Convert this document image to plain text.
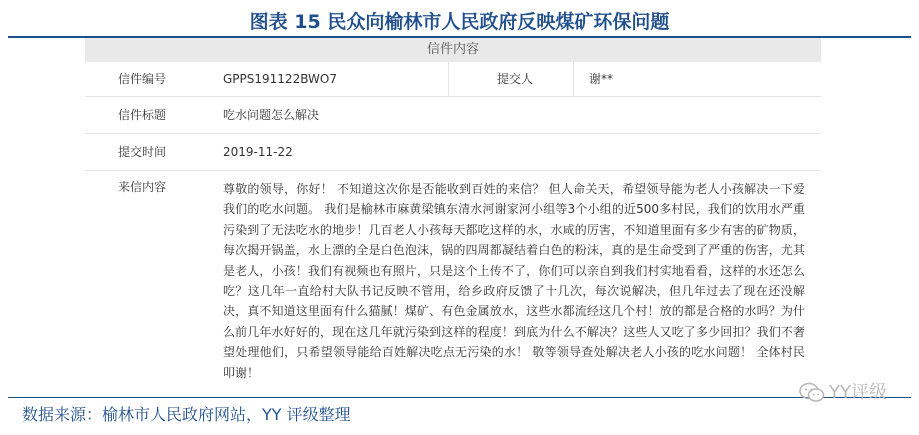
图表 15 民众向榆林市人民政府反映煤矿环保问题
信件内容
信件编号	GPPS191122BWO7	提交人	谢**
信件标题	吃水问题怎么解决
提交时间	2019-11-22
来信内容	尊敬的领导，你好！ 不知道这次你是否能收到百姓的来信？ 但人命关天，希望领导能为老人小孩解决一下爱我们的吃水问题。 我们是榆林市麻黄梁镇东清水河谢家河小组等3个小组的近500多村民，我们的饮用水严重污染到了无法吃水的地步！几百老人小孩每天都吃这样的水，水咸的厉害，不知道里面有多少有害的矿物质，每次揭开锅盖，水上漂的全是白色泡沫，锅的四周都凝结着白色的粉沫，真的是生命受到了严重的伤害，尤其是老人，小孩！我们有视频也有照片，只是这个上传不了，你们可以亲自到我们村实地看看，这样的水还怎么吃？这几年一直给村大队书记反映不管用，给乡政府反馈了十几次，每次说解决，但几年过去了现在还没解决，真不知道这里面有什么猫腻！煤矿、有色金属放水，这些水都流经这几个村！放的都是合格的水吗？为什么前几年水好好的，现在这几年就污染到这样的程度！到底为什么不解决？这些人又吃了多少回扣？我们不奢望处理他们，只希望领导能给百姓解决吃点无污染的水！ 敬等领导查处解决老人小孩的吃水问题！ 全体村民叩谢！
数据来源：榆林市人民政府网站，YY 评级整理
YY评级
